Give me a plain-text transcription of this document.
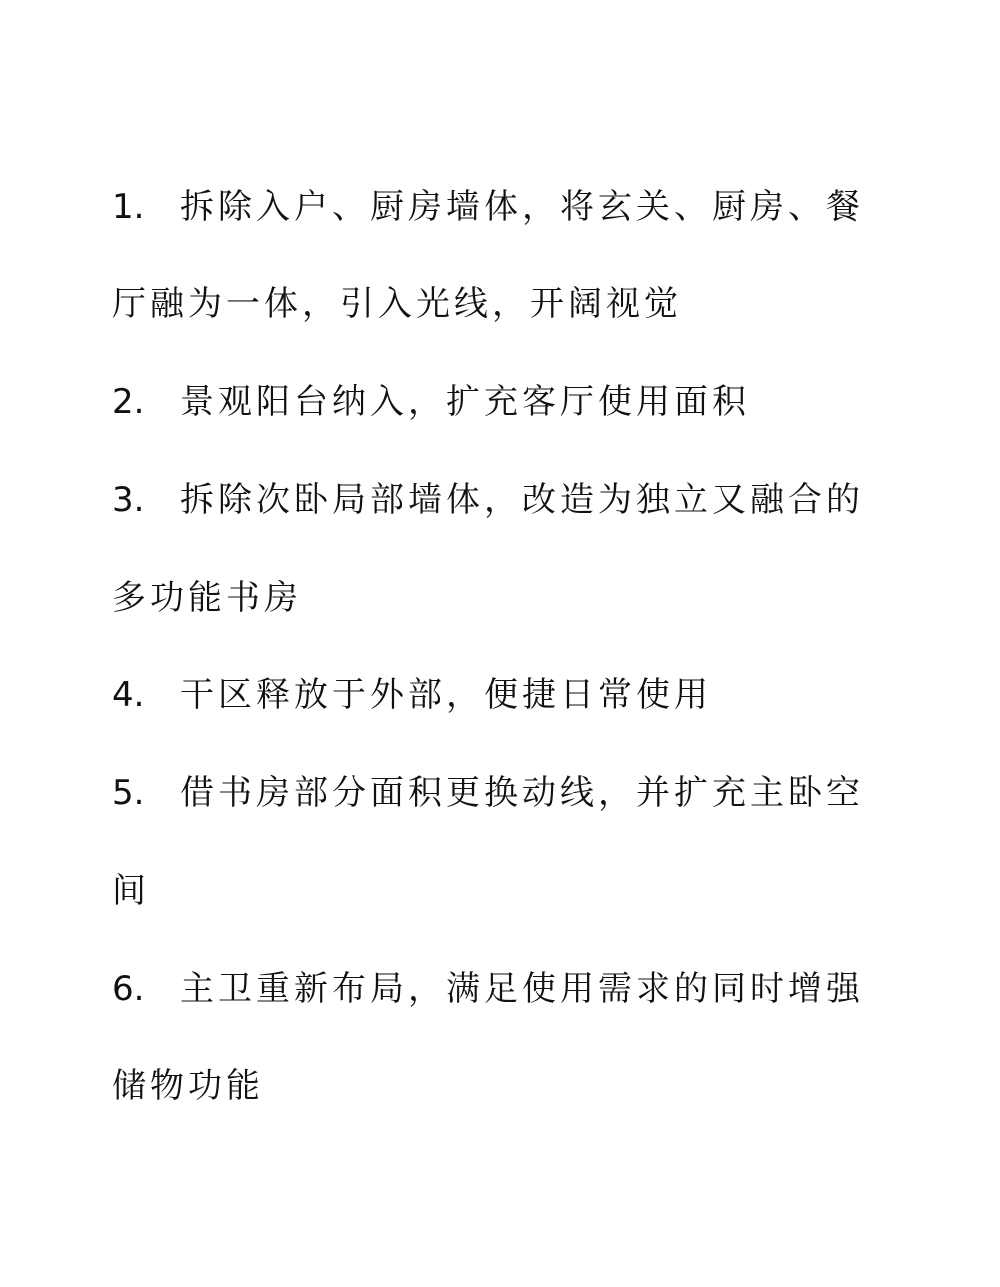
1. 拆除入户、厨房墙体，将玄关、厨房、餐
厅融为一体，引入光线，开阔视觉
2. 景观阳台纳入，扩充客厅使用面积
3. 拆除次卧局部墙体，改造为独立又融合的
多功能书房
4. 干区释放于外部，便捷日常使用
5. 借书房部分面积更换动线，并扩充主卧空
间
6. 主卫重新布局，满足使用需求的同时增强
储物功能
